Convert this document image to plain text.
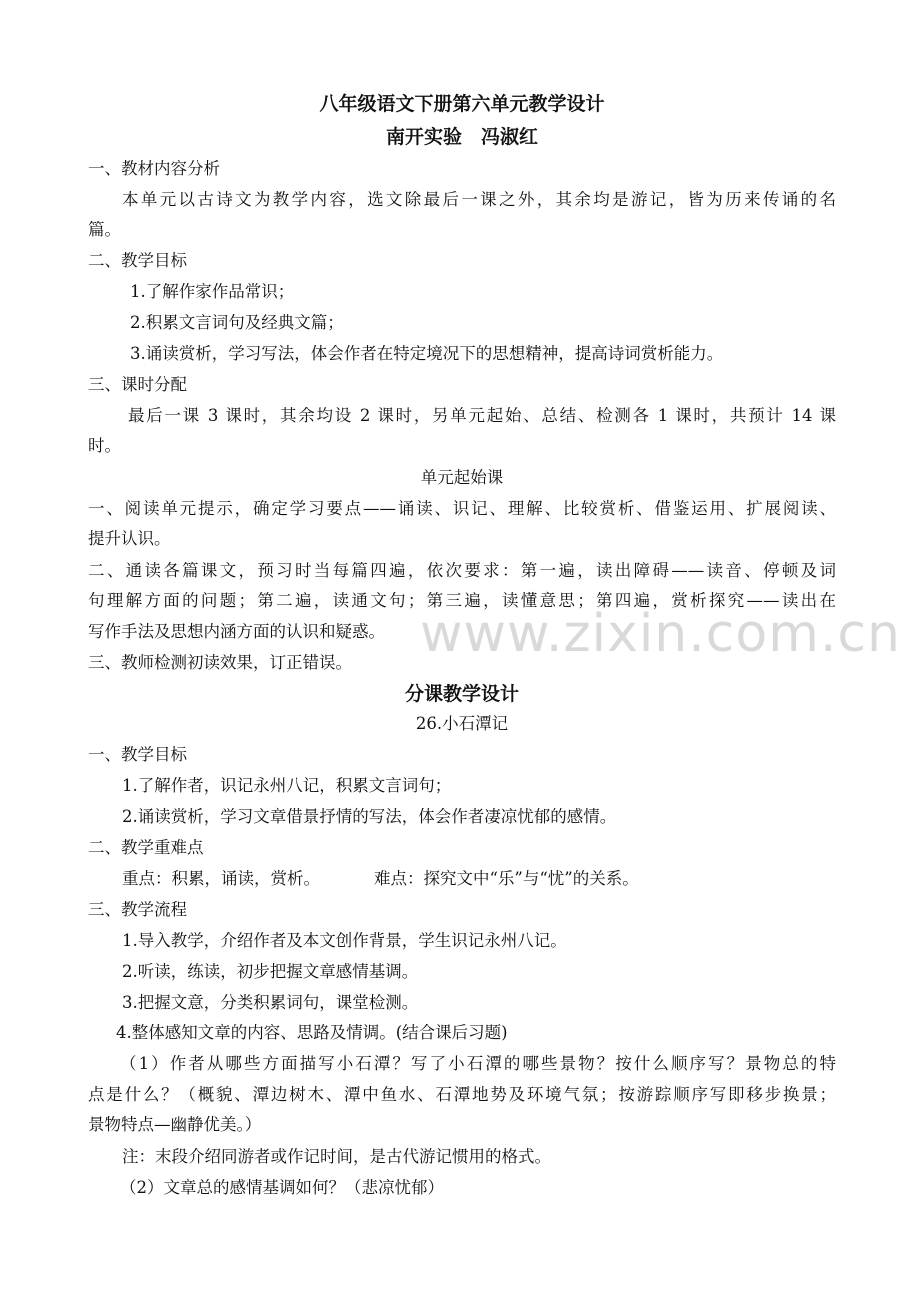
www.zixin.com.cn
八年级语文下册第六单元教学设计
南开实验　冯淑红
一、教材内容分析
本单元以古诗文为教学内容，选文除最后一课之外，其余均是游记，皆为历来传诵的名
篇。
二、教学目标
1.了解作家作品常识；
2.积累文言词句及经典文篇；
3.诵读赏析，学习写法，体会作者在特定境况下的思想精神，提高诗词赏析能力。
三、课时分配
最后一课 3 课时，其余均设 2 课时，另单元起始、总结、检测各 1 课时，共预计 14 课
时。
单元起始课
一、阅读单元提示，确定学习要点——诵读、识记、理解、比较赏析、借鉴运用、扩展阅读、
提升认识。
二、通读各篇课文，预习时当每篇四遍，依次要求：第一遍，读出障碍——读音、停顿及词
句理解方面的问题；第二遍，读通文句；第三遍，读懂意思；第四遍，赏析探究——读出在
写作手法及思想内涵方面的认识和疑惑。
三、教师检测初读效果，订正错误。
分课教学设计
26.小石潭记
一、教学目标
1.了解作者，识记永州八记，积累文言词句；
2.诵读赏析，学习文章借景抒情的写法，体会作者凄凉忧郁的感情。
二、教学重难点
重点：积累，诵读，赏析。	难点：探究文中“乐”与“忧”的关系。
三、教学流程
1.导入教学，介绍作者及本文创作背景，学生识记永州八记。
2.听读，练读，初步把握文章感情基调。
3.把握文意，分类积累词句，课堂检测。
4.整体感知文章的内容、思路及情调。(结合课后习题)
（1）作者从哪些方面描写小石潭？写了小石潭的哪些景物？按什么顺序写？景物总的特
点是什么？（概貌、潭边树木、潭中鱼水、石潭地势及环境气氛；按游踪顺序写即移步换景；
景物特点—幽静优美。）
注：末段介绍同游者或作记时间，是古代游记惯用的格式。
（2）文章总的感情基调如何？（悲凉忧郁）
